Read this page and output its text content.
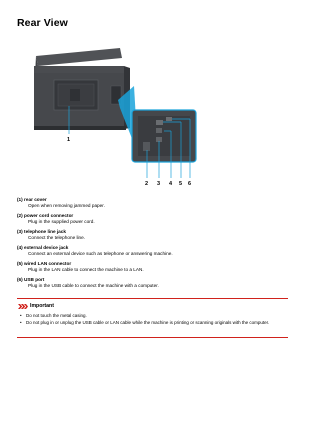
Rear View
1
2 3 4 5 6
(1) rear cover
Open when removing jammed paper.
(2) power cord connector
Plug in the supplied power cord.
(3) telephone line jack
Connect the telephone line.
(4) external device jack
Connect an external device such as telephone or answering machine.
(5) wired LAN connector
Plug in the LAN cable to connect the machine to a LAN.
(6) USB port
Plug in the USB cable to connect the machine with a computer.
Important
• Do not touch the metal casing.
• Do not plug in or unplug the USB cable or LAN cable while the machine is printing or scanning originals with the computer.
